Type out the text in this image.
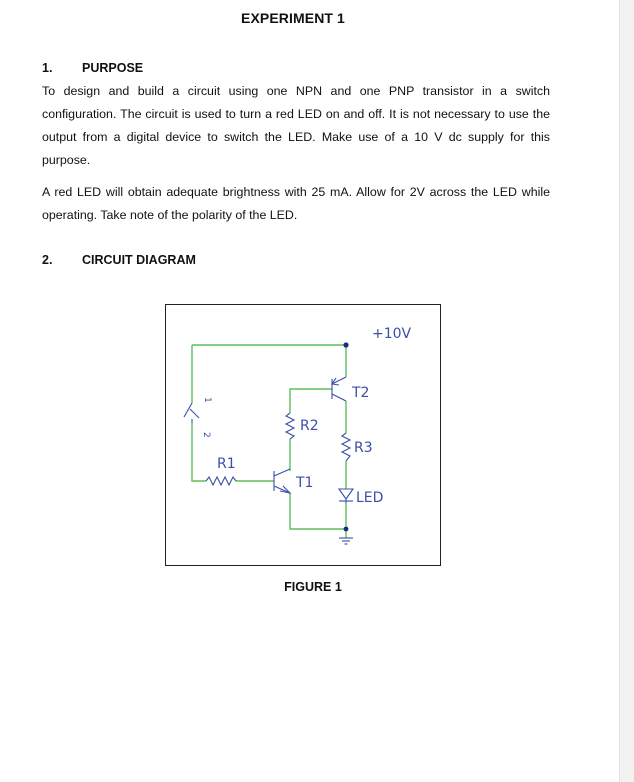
EXPERIMENT 1
1. PURPOSE

To design and build a circuit using one NPN and one PNP transistor in a switch configuration. The circuit is used to turn a red LED on and off. It is not necessary to use the output from a digital device to switch the LED. Make use of a 10 V dc supply for this purpose.

A red LED will obtain adequate brightness with 25 mA. Allow for 2V across the LED while operating. Take note of the polarity of the LED.

2. CIRCUIT DIAGRAM
+10V
T2
R2
R3
R1
T1
LED
1
2
FIGURE 1
